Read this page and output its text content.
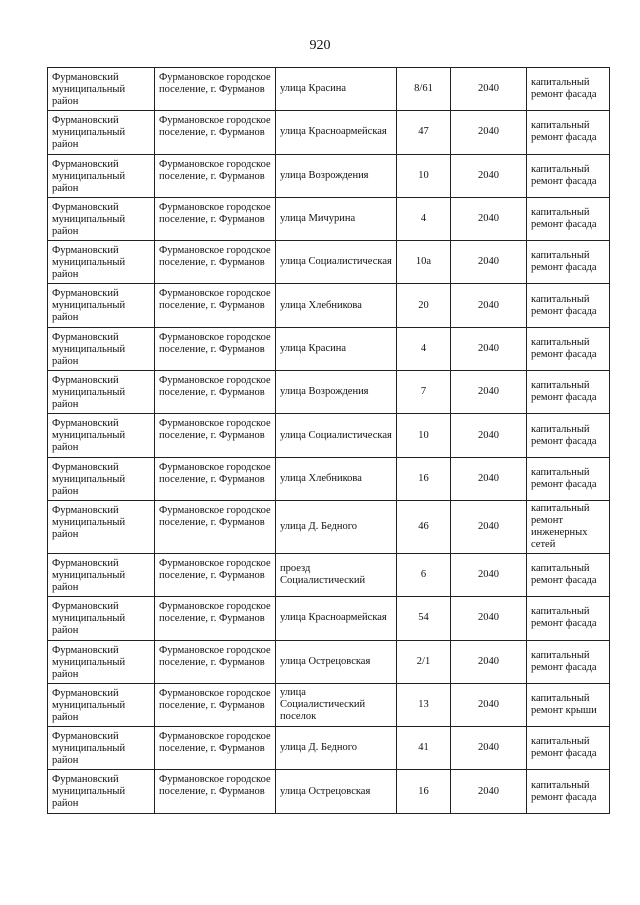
920
Фурмановский муниципальный район	Фурмановское городское поселение, г. Фурманов	улица Красина	8/61	2040	капитальный ремонт фасада
Фурмановский муниципальный район	Фурмановское городское поселение, г. Фурманов	улица Красноармейская	47	2040	капитальный ремонт фасада
Фурмановский муниципальный район	Фурмановское городское поселение, г. Фурманов	улица Возрождения	10	2040	капитальный ремонт фасада
Фурмановский муниципальный район	Фурмановское городское поселение, г. Фурманов	улица Мичурина	4	2040	капитальный ремонт фасада
Фурмановский муниципальный район	Фурмановское городское поселение, г. Фурманов	улица Социалистическая	10а	2040	капитальный ремонт фасада
Фурмановский муниципальный район	Фурмановское городское поселение, г. Фурманов	улица Хлебникова	20	2040	капитальный ремонт фасада
Фурмановский муниципальный район	Фурмановское городское поселение, г. Фурманов	улица Красина	4	2040	капитальный ремонт фасада
Фурмановский муниципальный район	Фурмановское городское поселение, г. Фурманов	улица Возрождения	7	2040	капитальный ремонт фасада
Фурмановский муниципальный район	Фурмановское городское поселение, г. Фурманов	улица Социалистическая	10	2040	капитальный ремонт фасада
Фурмановский муниципальный район	Фурмановское городское поселение, г. Фурманов	улица Хлебникова	16	2040	капитальный ремонт фасада
Фурмановский муниципальный район	Фурмановское городское поселение, г. Фурманов	улица Д. Бедного	46	2040	капитальный ремонт инженерных сетей
Фурмановский муниципальный район	Фурмановское городское поселение, г. Фурманов	проезд Социалистический	6	2040	капитальный ремонт фасада
Фурмановский муниципальный район	Фурмановское городское поселение, г. Фурманов	улица Красноармейская	54	2040	капитальный ремонт фасада
Фурмановский муниципальный район	Фурмановское городское поселение, г. Фурманов	улица Острецовская	2/1	2040	капитальный ремонт фасада
Фурмановский муниципальный район	Фурмановское городское поселение, г. Фурманов	улица Социалистический поселок	13	2040	капитальный ремонт крыши
Фурмановский муниципальный район	Фурмановское городское поселение, г. Фурманов	улица Д. Бедного	41	2040	капитальный ремонт фасада
Фурмановский муниципальный район	Фурмановское городское поселение, г. Фурманов	улица Острецовская	16	2040	капитальный ремонт фасада
